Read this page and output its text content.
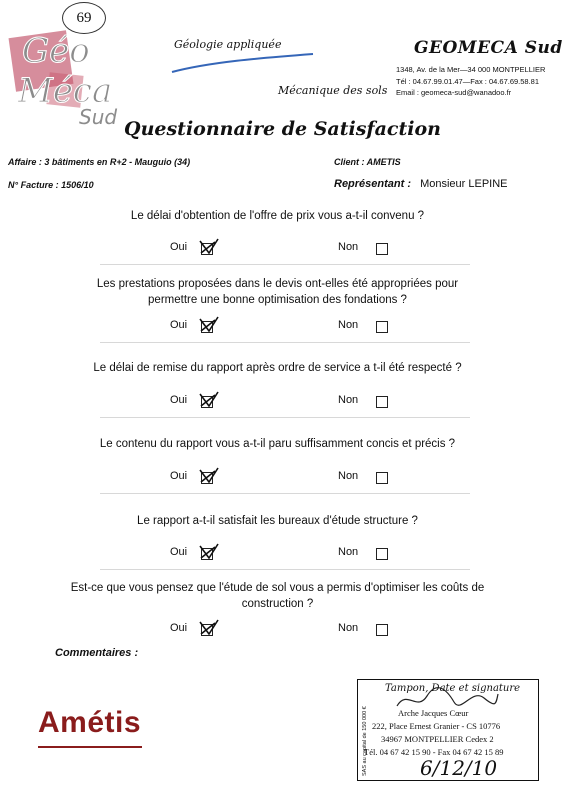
69
Géo
Méca
Sud
Géologie appliquée
Mécanique des sols
GEOMECA Sud
1348, Av. de la Mer—34 000 MONTPELLIER
Tél : 04.67.99.01.47—Fax : 04.67.69.58.81
Email : geomeca-sud@wanadoo.fr
Questionnaire de Satisfaction
Affaire : 3 bâtiments en R+2 - Mauguio (34)
N° Facture : 1506/10
Client : AMETIS
Représentant : Monsieur LEPINE
Le délai d'obtention de l'offre de prix vous a-t-il convenu ?
Oui	Non
Les prestations proposées dans le devis ont-elles été appropriées pour
permettre une bonne optimisation des fondations ?
Oui	Non
Le délai de remise du rapport après ordre de service a t-il été respecté ?
Oui	Non
Le contenu du rapport vous a-t-il paru suffisamment concis et précis ?
Oui	Non
Le rapport a-t-il satisfait les bureaux d'étude structure ?
Oui	Non
Est-ce que vous pensez que l'étude de sol vous a permis d'optimiser les coûts de
construction ?
Oui	Non
Commentaires :
Amétis
Tampon, Date et signature
SAS au capital de 150 000 €	Arche Jacques Cœur
222, Place Ernest Granier - CS 10776
34967 MONTPELLIER Cedex 2
Tél. 04 67 42 15 90 - Fax 04 67 42 15 89
6/12/10
